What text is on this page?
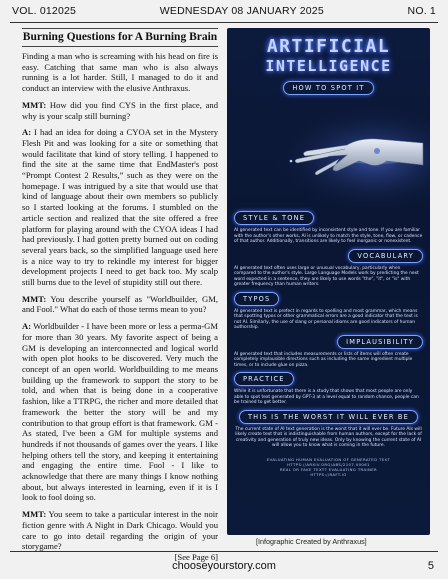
VOL. 012025	WEDNESDAY 08 JANUARY 2025	NO. 1
Burning Questions for A Burning Brain

Finding a man who is screaming with his head on fire is easy. Catching that same man who is also always running is a lot harder. Still, I managed to do it and conduct an interview with the elusive Anthraxus.

MMT: How did you find CYS in the first place, and why is your scalp still burning?

A: I had an idea for doing a CYOA set in the Mystery Flesh Pit and was looking for a site or something that would facilitate that kind of story telling. I happened to find the site at the same time that EndMaster's post “Prompt Contest 2 Results,” such as they were on the homepage. I was intrigued by a site that would use that kind of language about their own members so publicly so I started looking at the forums. I stumbled on the article section and realized that the site offered a free platform for playing around with the CYOA ideas I had had previously. I had gotten pretty burned out on coding several years back, so the simplified language used here is a nice way to try to rekindle my interest for bigger development projects I need to get back too. My scalp still burns due to the level of stupidity still out there.

MMT: You describe yourself as "Worldbuilder, GM, and Fool." What do each of those terms mean to you?

A: Worldbuilder - I have been more or less a perma-GM for more than 30 years. My favorite aspect of being a GM is developing an interconnected and logical world with open plot hooks to be discovered. Very much the concept of an open world. Worldbuilding to me means building up the framework to support the story to be told, and when that is being done in a cooperative fashion, like a TTRPG, the richer and more detailed that framework the better the story will be and my contribution to that group effort is that framework. GM - As stated, I've been a GM for multiple systems and hundreds if not thousands of games over the years. I like helping others tell the story, and keeping it entertaining and engaging the entire time. Fool - I like to acknowledge that there are many things I know nothing about, but always interested in learning, even if it is I look to fool doing so.

MMT: You seem to take a particular interest in the noir fiction genre with A Night in Dark Chicago. Would you care to go into detail regarding the origin of your storygame?

[See Page 6]
ARTIFICIAL
INTELLIGENCE
HOW TO SPOT IT
STYLE & TONE

AI generated text can be identified by inconsistent style and tone. If you are familiar with the author's other works, AI is unlikely to match the style, tone, flow, or cadence of that author. Additionally, transitions are likely to feel inorganic or nonexistent.

VOCABULARY

AI generated text often uses large or unusual vocabulary, particularly when compared to the author's style. Large Language Models work by predicting the next word expected in a sentence, they are likely to use words "the", "it", or "is" with greater frequency than human writers.

TYPOS

AI generated text is prefect in regards to spelling and most grammar, which means that spotting typos or other grammatical errors are a good indicator that the text is not AI. Similarly, the use of slang or personal idioms are good indicators of human authorship.

IMPLAUSIBILITY

AI generated text that includes measurements or lists of items will often create completely implausible directions such as including the same ingredient multiple times, or to include glue on pizza.

PRACTICE

While it is unfortunate that there is a study that shows that most people are only able to spot text generated by GPT-3 at a level equal to random chance, people can be trained to get better.

THIS IS THE WORST IT WILL EVER BE

The current state of AI text generation is the worst that it will ever be. Future AIs will likely create text that is indistinguishable from human authors, except for the lack of creativity and generation of truly new ideas. Only by knowing the current state of AI will allow you to know what is coming in the future.

EVALUATING HUMAN EVALUATION OF GENERATED TEXT
HTTPS://ARXIV.ORG/ABS/2107.00061
REAL OR FAKE TEXT? EVALUATING TRAINER
HTTPS://RAFT.IO
[Infographic Created by Anthraxus]
chooseyourstory.com	5
